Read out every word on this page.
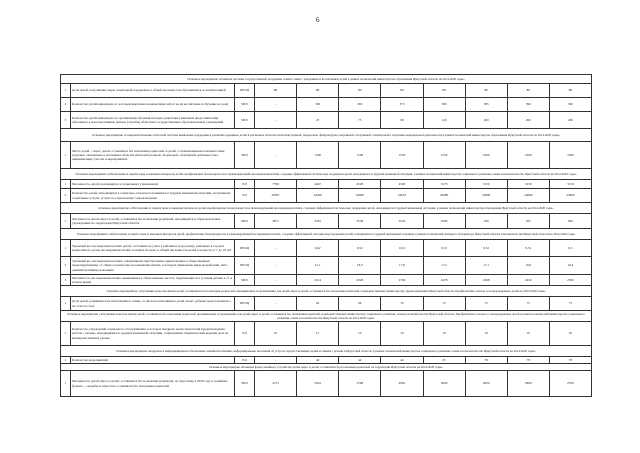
6
Основное мероприятие «Развитие системы государственной поддержки семей в связи с рождением и воспитанием детей в рамках полномочий министерства образования Иркутской области на 2014-2020 годы»										
1	Доля детей, получивших меры социальной поддержки, в общей численности обратившихся за компенсацией	ПРОЦ	80	80	80	80	80	80	80	80
2	Количество детей-инвалидов, по которым выплачена компенсация затрат на их воспитание и обучение на дому	ЧЕЛ	-	363	363	373	380	385	390	390
3	Количество детей-инвалидов, по организации обучения которых родителям (законным представителям) обратились в консультативные центры (службы) областных государственных образовательных учреждений	ЧЕЛ	-	25	75	99	120	200	260	260
Основное мероприятие «Совершенствование областной системы выявления, поддержки и развития одаренных детей в различных областях интеллектуальной, творческой, физкультурно-спортивной, спортивной, технической и спортивно-видеиальной деятельности в рамках полномочий министерства образования Иркутской области на 2014-2020 годы»										
1	Число детей – сирот, детей, оставшихся без попечения родителей, и детей с ограниченными возможностями здоровья, охваченных в различных областях интеллектуальной, творческой, спортивной деятельностью, принимающих участие в мероприятиях	ЧЕЛ	-	1500	1500	1550	1550	1600	1600	1600
Основное мероприятие «Обеспечение и защита прав и законных интересов детей, профилактика безнадзорности и правонарушений несовершеннолетних, создание эффективной системы мер поддержки детей, находящихся в трудной жизненной ситуации, в рамках полномочий министерства социального развития, опеки и попечительства Иркутской области на 2014-2020 годы»										
1	Численность детей, находящихся в социальных учреждениях	ЕД	7799	4447	4529	4500	3170	3150	3150	3150
2	Количество детей, находящихся в социально опасном положении и в трудной жизненной ситуации, получивших социальные услуги, услуги по социальному сопровождению	ЕД	20397	24459	24600	24653	24680	24680	24690	24690
Основное мероприятие «Обеспечение и защита прав и законных интересов детей, профилактика безнадзорности и правонарушений несовершеннолетних, создание эффективной системы мер поддержки детей, находящихся в трудной жизненной ситуации, в рамках полномочий министерства образования Иркутской области на 2014-2020 годы»										
1	Численность детей-сирот и детей, оставшихся без попечения родителей, находящихся в образовательных учреждениях на территории Иркутской области	ЧЕЛ	3871	3581	3558	3524	3500	930	925	920
Основное мероприятие «Обеспечение и защита прав и законных интересов детей, профилактика безнадзорности и правонарушений несовершеннолетних, создание эффективной системы мер поддержки детей, находящихся в трудной жизненной ситуации, в рамках полномочий Аппарата Губернатора Иркутской области и Правительства Иркутской области на 2014-2020 годы»										
1	Удельный вес несовершеннолетних детей, состоящих на учете в районных (городских), районных в городах комиссиях по делам несовершеннолетних и защите их прав, в общей численности детей в возрасте от 7 до 18 лет	ПРОЦ	-	0,62	0,52	0,54	0,53	0,52	0,51	0,5
2	Удельный вес несовершеннолетних, совершивших преступления, привлеченных к общественным правонарушениям, от общего количества несовершеннолетних, в которых применены меры воздействия, либо административные наказания	ПРОЦ	-	21,1	18,3	17,8	17,2	17,1	16,9	16,4
3	Численность несовершеннолетних, выявленных в общественных местах, нарушающих все условия детьми в ст. в ночное время	ЧЕЛ	-	4314	2926	2700	2478	2468	2432	2390
Основное мероприятие «Улучшение качества жизни детей, оставшихся без попечения родителей, проживающих и организацию для детей-сирот и детей, оставшихся без попечения родителей, подведомственных министерству здравоохранения Иркутской области. Профилактика отказов от новорожденных детей на 2014-2020 годы»										
1	Доля детей, родившихся не испытавшие в семьи, от числа воспитанников детей своего ребенка подготовленного не отчется ссыл	ПРОЦ	-	62	66	70	72	75	75	75
Основное мероприятие «Улучшение качества жизни детей, оставшихся без попечения родителей, проживающих и учреждениях для детей-сирот и детей, оставшихся без попечения родителей, подведомственных министерству социального развития, опеки и попечительства Иркутской области. Профилактика отказов от новорожденных детей в рамках полномочий министерства социального развития, опеки и попечительства Иркутской области на 2014-2020 годы»										
1	Количество учреждений социального обслуживания, в которых внедрена новая технология предупреждения работы с детьми, находящимися в трудной жизненной ситуации, социальными специалистами ведения дела на межведомственном уровне	ЕД	10	15	10	10	10	10	10	10
Основное мероприятие «Кадровое и информационное обеспечение семейной политики, информирование населения об услугах, предоставляемых детям и семьям с детьми в Иркутской области, в рамках полномочий министерства социального развития, опеки и попечительства Иркутской области на 2014-2020 годы»										
1	Количество мероприятий	ЕД	-	44	44	44	25	78	78	78
Основное мероприятие «Развитие форм семейного устройства детей-сирот и детей, оставшихся без попечения родителей, на территории Иркутской области на 2014-2020 годы»										
1	Численность детей-сирот и детей, оставшихся без попечения родителей, по взрослому в 2020 году в семейных формах ... свадьбы и сиротства оставшихся без попечения родителей	ЧЕЛ	4731	5916	5506	4981	5000	2900	2800	2700
